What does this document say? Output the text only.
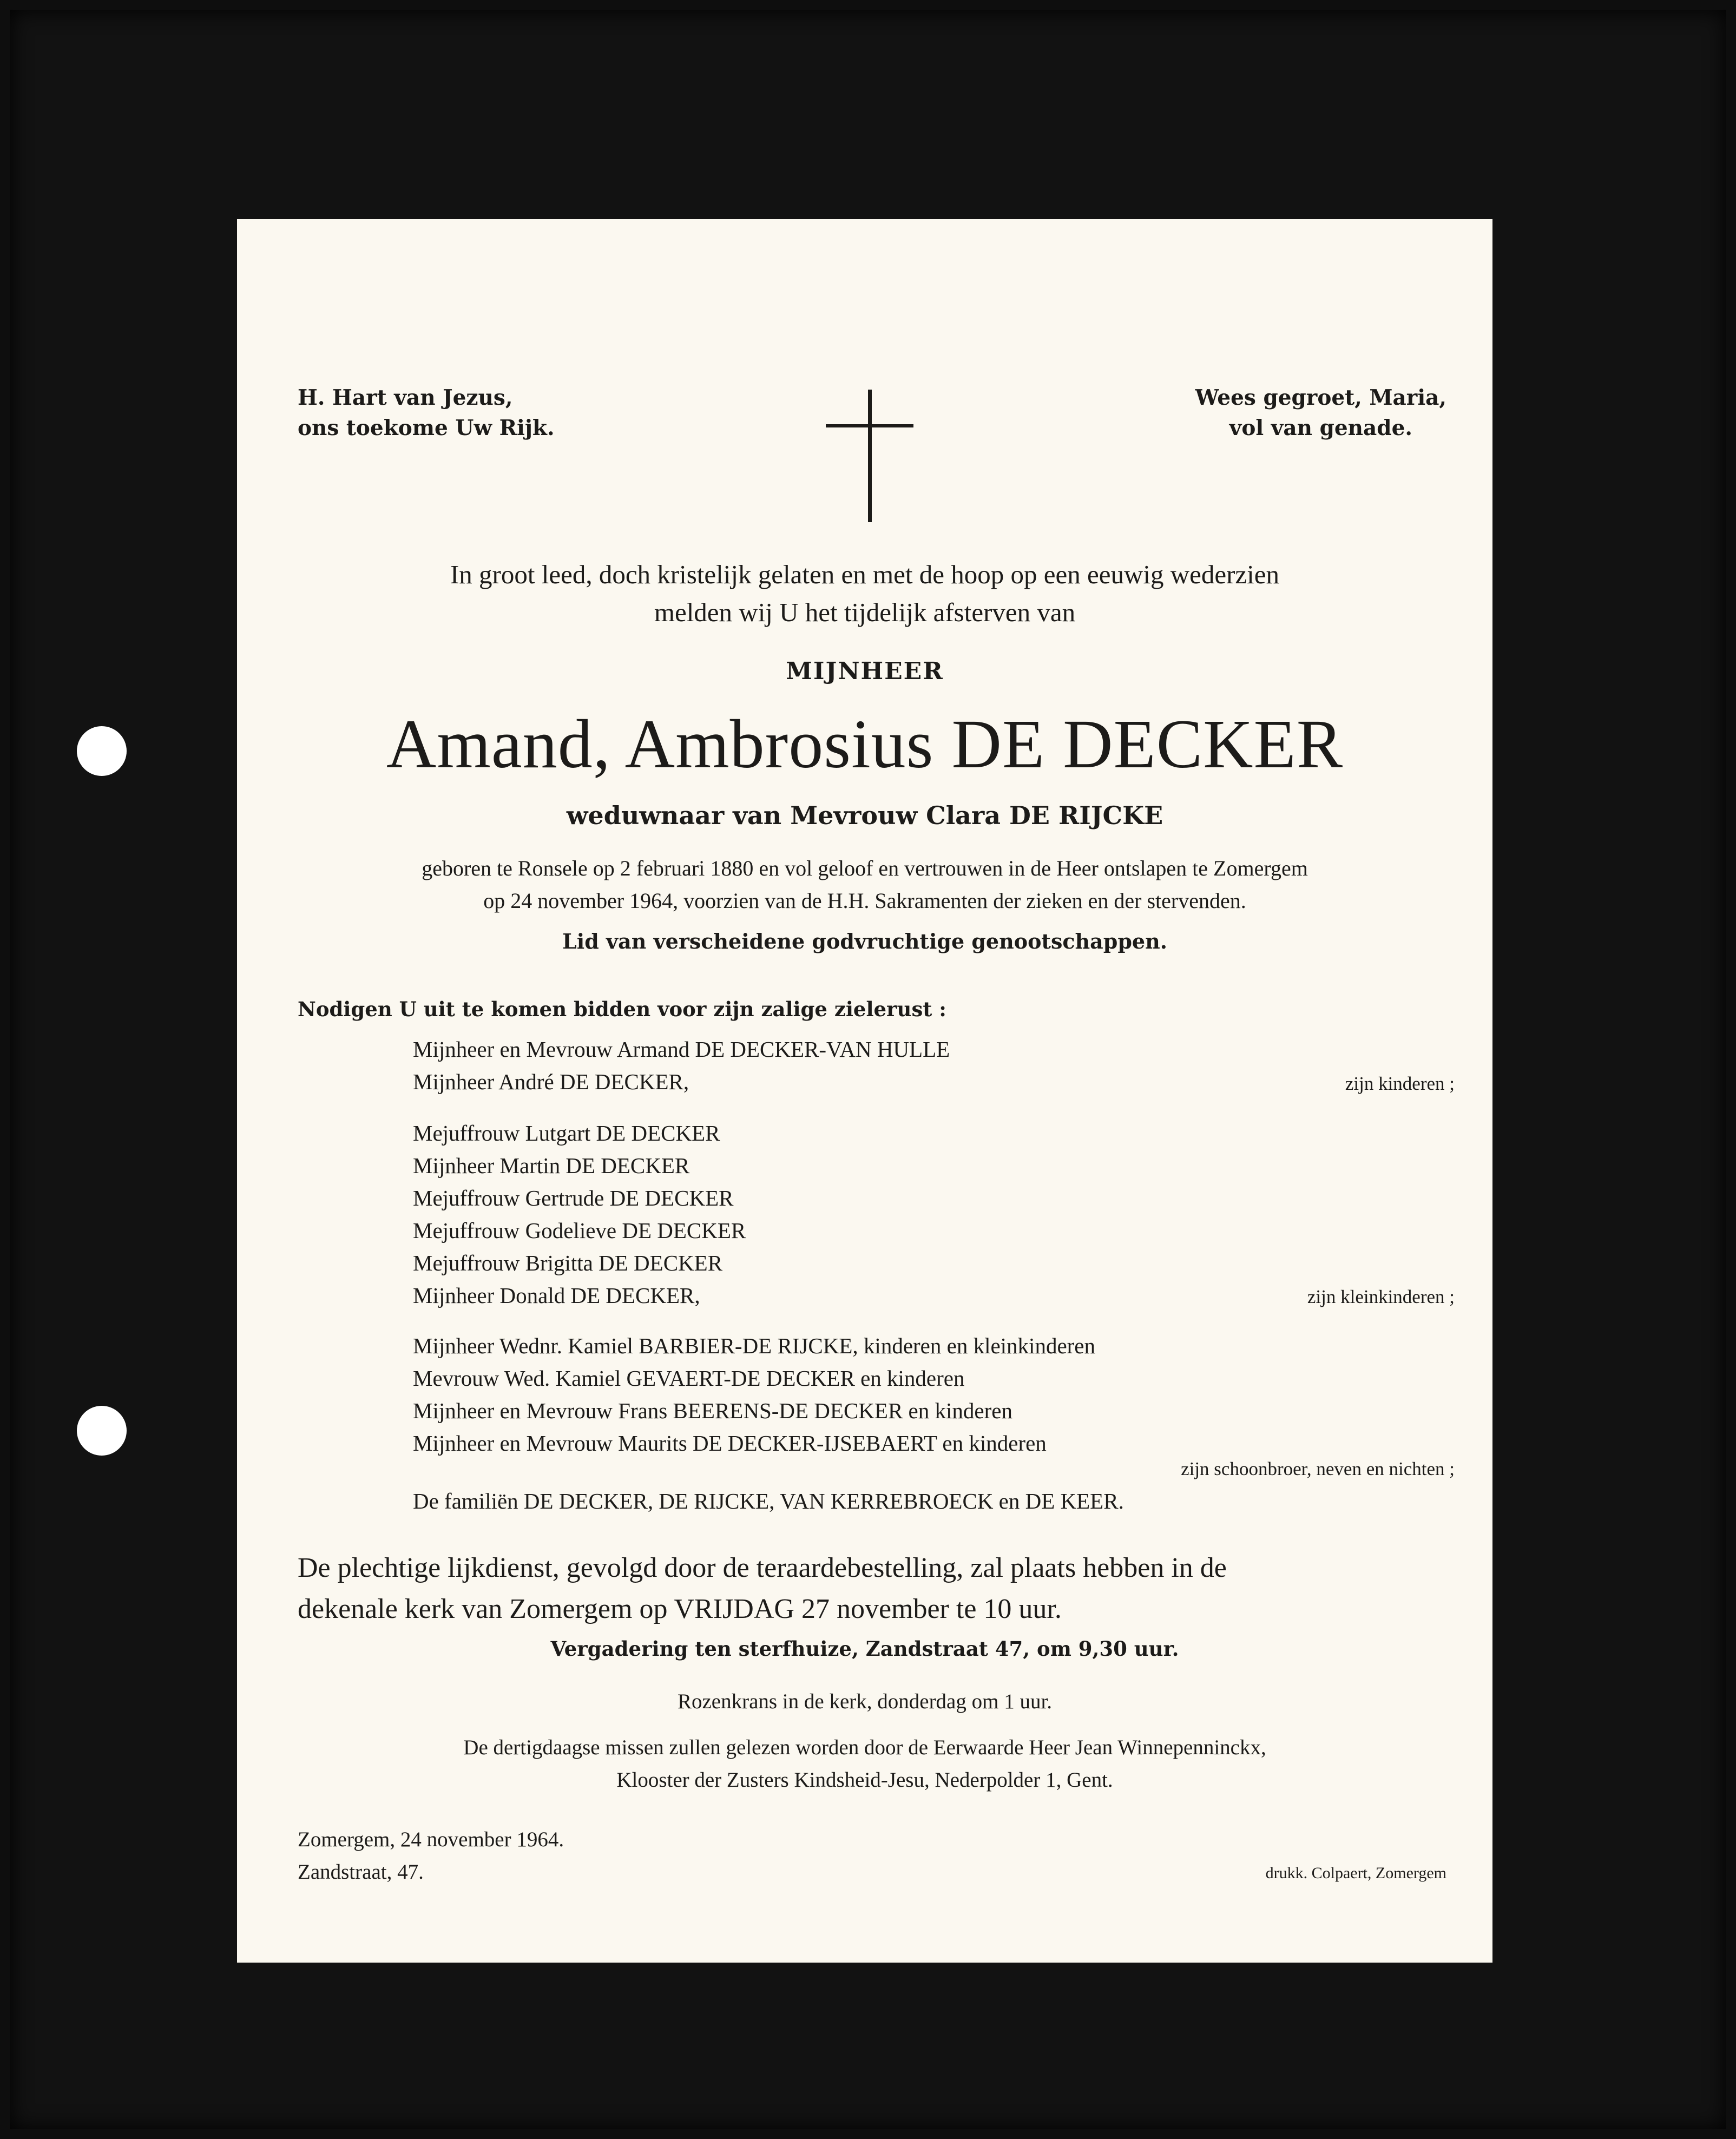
H. Hart van Jezus,
ons toekome Uw Rijk.
Wees gegroet, Maria,
vol van genade.
In groot leed, doch kristelijk gelaten en met de hoop op een eeuwig wederzien
melden wij U het tijdelijk afsterven van
MIJNHEER
Amand, Ambrosius DE DECKER
weduwnaar van Mevrouw Clara DE RIJCKE
geboren te Ronsele op 2 februari 1880 en vol geloof en vertrouwen in de Heer ontslapen te Zomergem
op 24 november 1964, voorzien van de H.H. Sakramenten der zieken en der stervenden.
Lid van verscheidene godvruchtige genootschappen.
Nodigen U uit te komen bidden voor zijn zalige zielerust :
Mijnheer en Mevrouw Armand DE DECKER-VAN HULLE
Mijnheer André DE DECKER,	zijn kinderen ;
Mejuffrouw Lutgart DE DECKER
Mijnheer Martin DE DECKER
Mejuffrouw Gertrude DE DECKER
Mejuffrouw Godelieve DE DECKER
Mejuffrouw Brigitta DE DECKER
Mijnheer Donald DE DECKER,	zijn kleinkinderen ;
Mijnheer Wednr. Kamiel BARBIER-DE RIJCKE, kinderen en kleinkinderen
Mevrouw Wed. Kamiel GEVAERT-DE DECKER en kinderen
Mijnheer en Mevrouw Frans BEERENS-DE DECKER en kinderen
Mijnheer en Mevrouw Maurits DE DECKER-IJSEBAERT en kinderen
zijn schoonbroer, neven en nichten ;
De familiën DE DECKER, DE RIJCKE, VAN KERREBROECK en DE KEER.
De plechtige lijkdienst, gevolgd door de teraardebestelling, zal plaats hebben in de
dekenale kerk van Zomergem op VRIJDAG 27 november te 10 uur.
Vergadering ten sterfhuize, Zandstraat 47, om 9,30 uur.
Rozenkrans in de kerk, donderdag om 1 uur.
De dertigdaagse missen zullen gelezen worden door de Eerwaarde Heer Jean Winnepenninckx,
Klooster der Zusters Kindsheid-Jesu, Nederpolder 1, Gent.
Zomergem, 24 november 1964.
Zandstraat, 47.	drukk. Colpaert, Zomergem
